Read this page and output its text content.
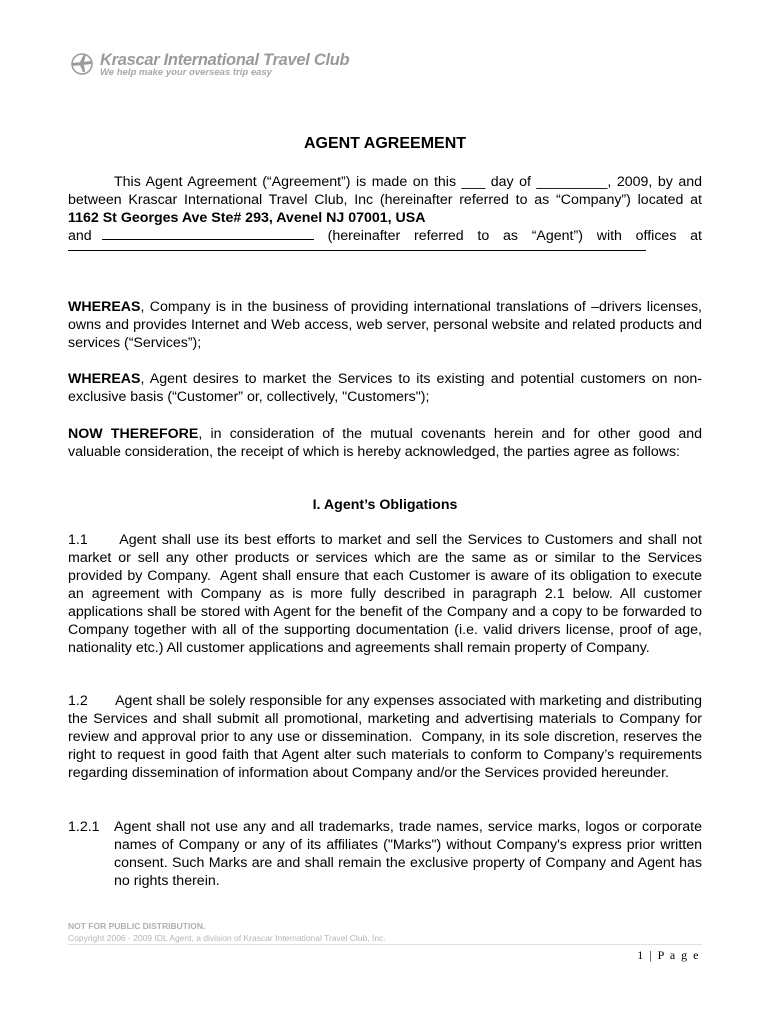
Krascar International Travel Club
We help make your overseas trip easy
AGENT AGREEMENT

This Agent Agreement (“Agreement”) is made on this ___ day of _________, 2009, by and between Krascar International Travel Club, Inc (hereinafter referred to as “Company”) located at 1162 St Georges Ave Ste# 293, Avenel NJ 07001, USA

and	(hereinafter referred to as “Agent”) with offices at

WHEREAS, Company is in the business of providing international translations of –drivers licenses, owns and provides Internet and Web access, web server, personal website and related products and services (“Services”);

WHEREAS, Agent desires to market the Services to its existing and potential customers on non-exclusive basis (“Customer” or, collectively, "Customers");

NOW THEREFORE, in consideration of the mutual covenants herein and for other good and valuable consideration, the receipt of which is hereby acknowledged, the parties agree as follows:

I. Agent’s Obligations

1.1      Agent shall use its best efforts to market and sell the Services to Customers and shall not market or sell any other products or services which are the same as or similar to the Services provided by Company.  Agent shall ensure that each Customer is aware of its obligation to execute an agreement with Company as is more fully described in paragraph 2.1 below. All customer applications shall be stored with Agent for the benefit of the Company and a copy to be forwarded to Company together with all of the supporting documentation (i.e. valid drivers license, proof of age, nationality etc.) All customer applications and agreements shall remain property of Company.

1.2       Agent shall be solely responsible for any expenses associated with marketing and distributing the Services and shall submit all promotional, marketing and advertising materials to Company for review and approval prior to any use or dissemination.  Company, in its sole discretion, reserves the right to request in good faith that Agent alter such materials to conform to Company’s requirements regarding dissemination of information about Company and/or the Services provided hereunder.

1.2.1	Agent shall not use any and all trademarks, trade names, service marks, logos or corporate names of Company or any of its affiliates ("Marks") without Company's express prior written consent. Such Marks are and shall remain the exclusive property of Company and Agent has no rights therein.
NOT FOR PUBLIC DISTRIBUTION.
Copyright 2006 - 2009 IDL Agent, a division of Krascar International Travel Club, Inc.
1 | P a g e
